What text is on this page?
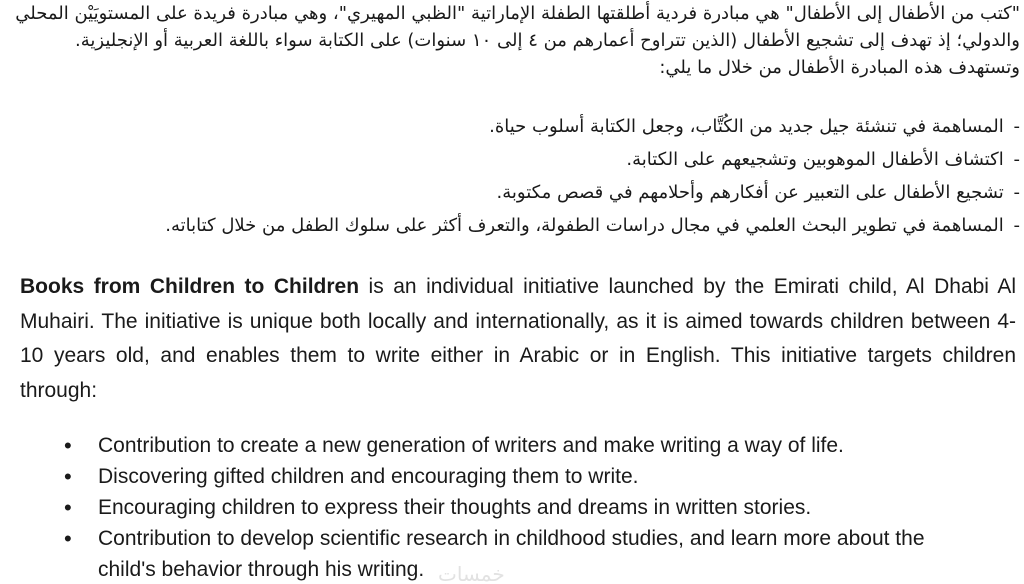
"كتب من الأطفال إلى الأطفال" هي مبادرة فردية أطلقتها الطفلة الإماراتية "الظبي المهيري"، وهي مبادرة فريدة على المستويَيْن المحلي

والدولي؛ إذ تهدف إلى تشجيع الأطفال (الذين تتراوح أعمارهم من ٤ إلى ١٠ سنوات) على الكتابة سواء باللغة العربية أو الإنجليزية.

وتستهدف هذه المبادرة الأطفال من خلال ما يلي:

- المساهمة في تنشئة جيل جديد من الكُتَّاب، وجعل الكتابة أسلوب حياة.
- اكتشاف الأطفال الموهوبين وتشجيعهم على الكتابة.
- تشجيع الأطفال على التعبير عن أفكارهم وأحلامهم في قصص مكتوبة.
- المساهمة في تطوير البحث العلمي في مجال دراسات الطفولة، والتعرف أكثر على سلوك الطفل من خلال كتاباته.

Books from Children to Children is an individual initiative launched by the Emirati child, Al Dhabi Al Muhairi. The initiative is unique both locally and internationally, as it is aimed towards children between 4-10 years old, and enables them to write either in Arabic or in English. This initiative targets children through:

• Contribution to create a new generation of writers and make writing a way of life.
• Discovering gifted children and encouraging them to write.
• Encouraging children to express their thoughts and dreams in written stories.
• Contribution to develop scientific research in childhood studies, and learn more about the
child's behavior through his writing. خمسات
